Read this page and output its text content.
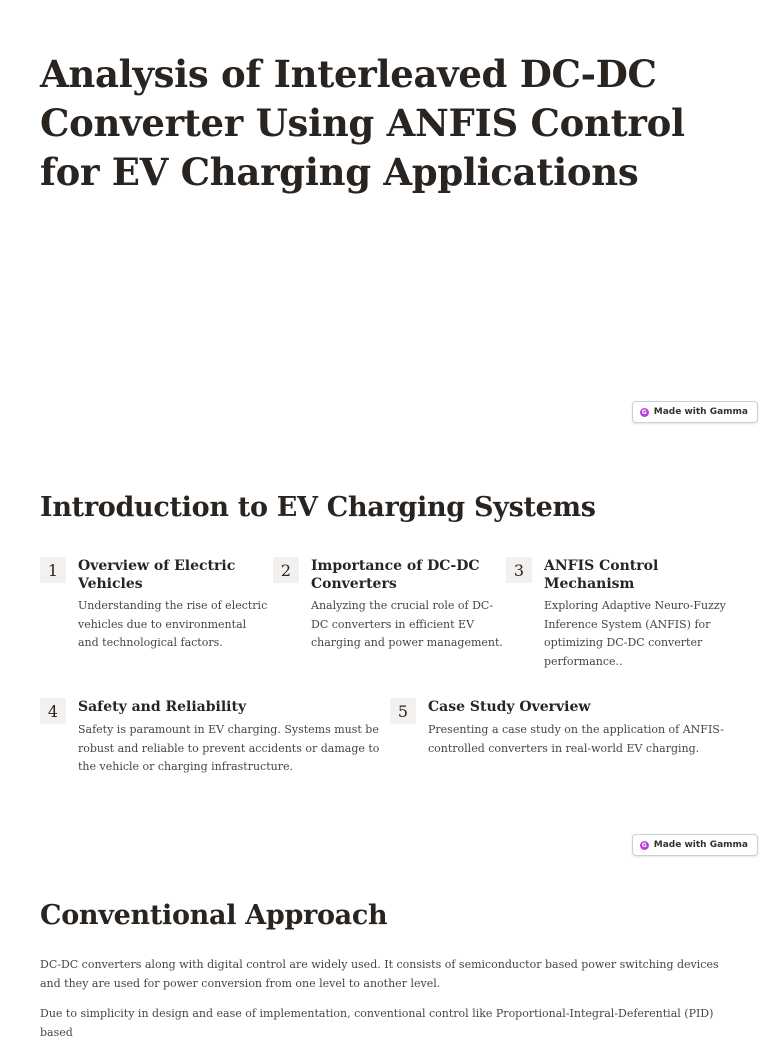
Analysis of Interleaved DC-DC Converter Using ANFIS Control for EV Charging Applications
G Made with Gamma
Introduction to EV Charging Systems
1	Overview of Electric Vehicles
Understanding the rise of electric vehicles due to environmental and technological factors.
2	Importance of DC-DC Converters
Analyzing the crucial role of DC-DC converters in efficient EV charging and power management.
3	ANFIS Control Mechanism
Exploring Adaptive Neuro-Fuzzy Inference System (ANFIS) for optimizing DC-DC converter performance..
4	Safety and Reliability
Safety is paramount in EV charging. Systems must be robust and reliable to prevent accidents or damage to the vehicle or charging infrastructure.
5	Case Study Overview
Presenting a case study on the application of ANFIS-controlled converters in real-world EV charging.
G Made with Gamma
Conventional Approach

DC-DC converters along with digital control are widely used. It consists of semiconductor based power switching devices and they are used for power conversion from one level to another level.

Due to simplicity in design and ease of implementation, conventional control like Proportional-Integral-Deferential (PID) based
